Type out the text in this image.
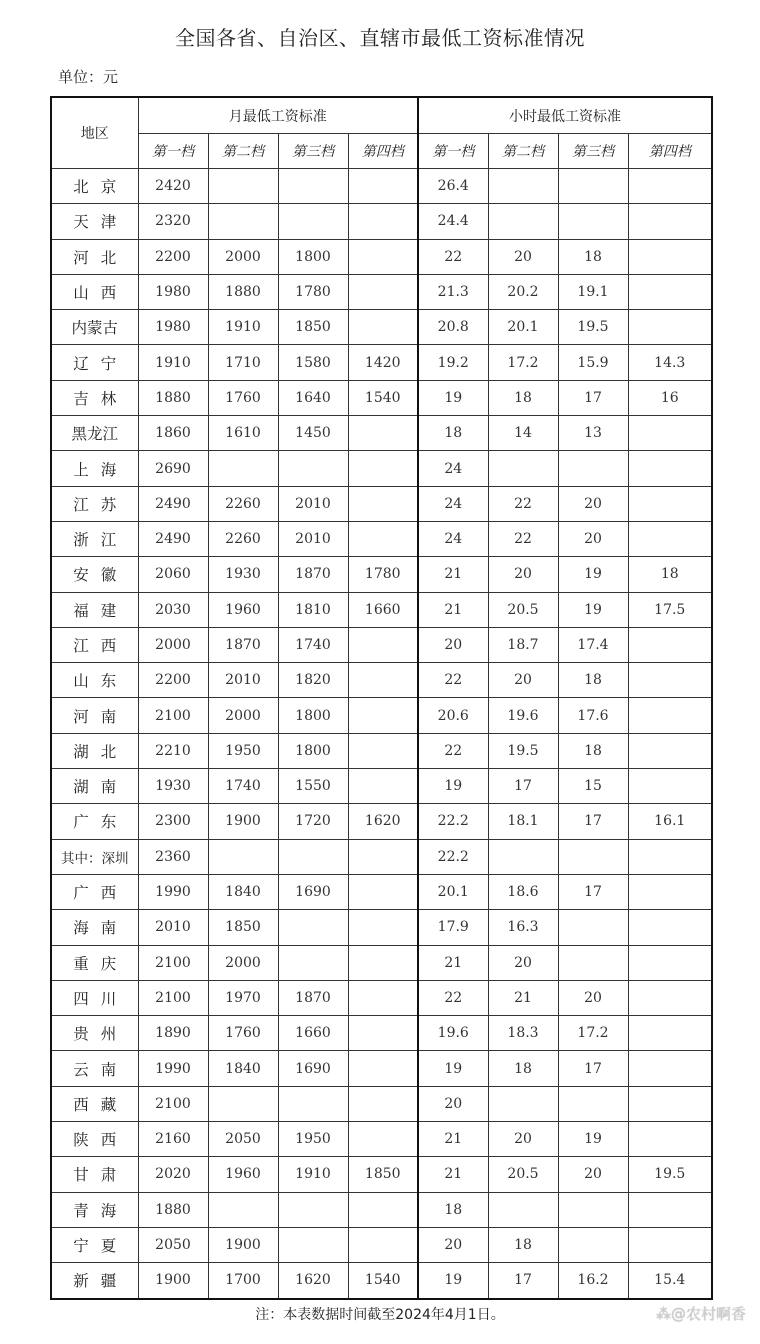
全国各省、自治区、直辖市最低工资标准情况
单位：元
地区	月最低工资标准				小时最低工资标准			
	第一档	第二档	第三档	第四档	第一档	第二档	第三档	第四档
北京	2420				26.4			
天津	2320				24.4			
河北	2200	2000	1800		22	20	18	
山西	1980	1880	1780		21.3	20.2	19.1	
内蒙古	1980	1910	1850		20.8	20.1	19.5	
辽宁	1910	1710	1580	1420	19.2	17.2	15.9	14.3
吉林	1880	1760	1640	1540	19	18	17	16
黑龙江	1860	1610	1450		18	14	13	
上海	2690				24			
江苏	2490	2260	2010		24	22	20	
浙江	2490	2260	2010		24	22	20	
安徽	2060	1930	1870	1780	21	20	19	18
福建	2030	1960	1810	1660	21	20.5	19	17.5
江西	2000	1870	1740		20	18.7	17.4	
山东	2200	2010	1820		22	20	18	
河南	2100	2000	1800		20.6	19.6	17.6	
湖北	2210	1950	1800		22	19.5	18	
湖南	1930	1740	1550		19	17	15	
广东	2300	1900	1720	1620	22.2	18.1	17	16.1
其中：深圳	2360				22.2			
广西	1990	1840	1690		20.1	18.6	17	
海南	2010	1850			17.9	16.3		
重庆	2100	2000			21	20		
四川	2100	1970	1870		22	21	20	
贵州	1890	1760	1660		19.6	18.3	17.2	
云南	1990	1840	1690		19	18	17	
西藏	2100				20			
陕西	2160	2050	1950		21	20	19	
甘肃	2020	1960	1910	1850	21	20.5	20	19.5
青海	1880				18			
宁夏	2050	1900			20	18		
新疆	1900	1700	1620	1540	19	17	16.2	15.4
注：本表数据时间截至2024年4月1日。	⁂@农村啊香
